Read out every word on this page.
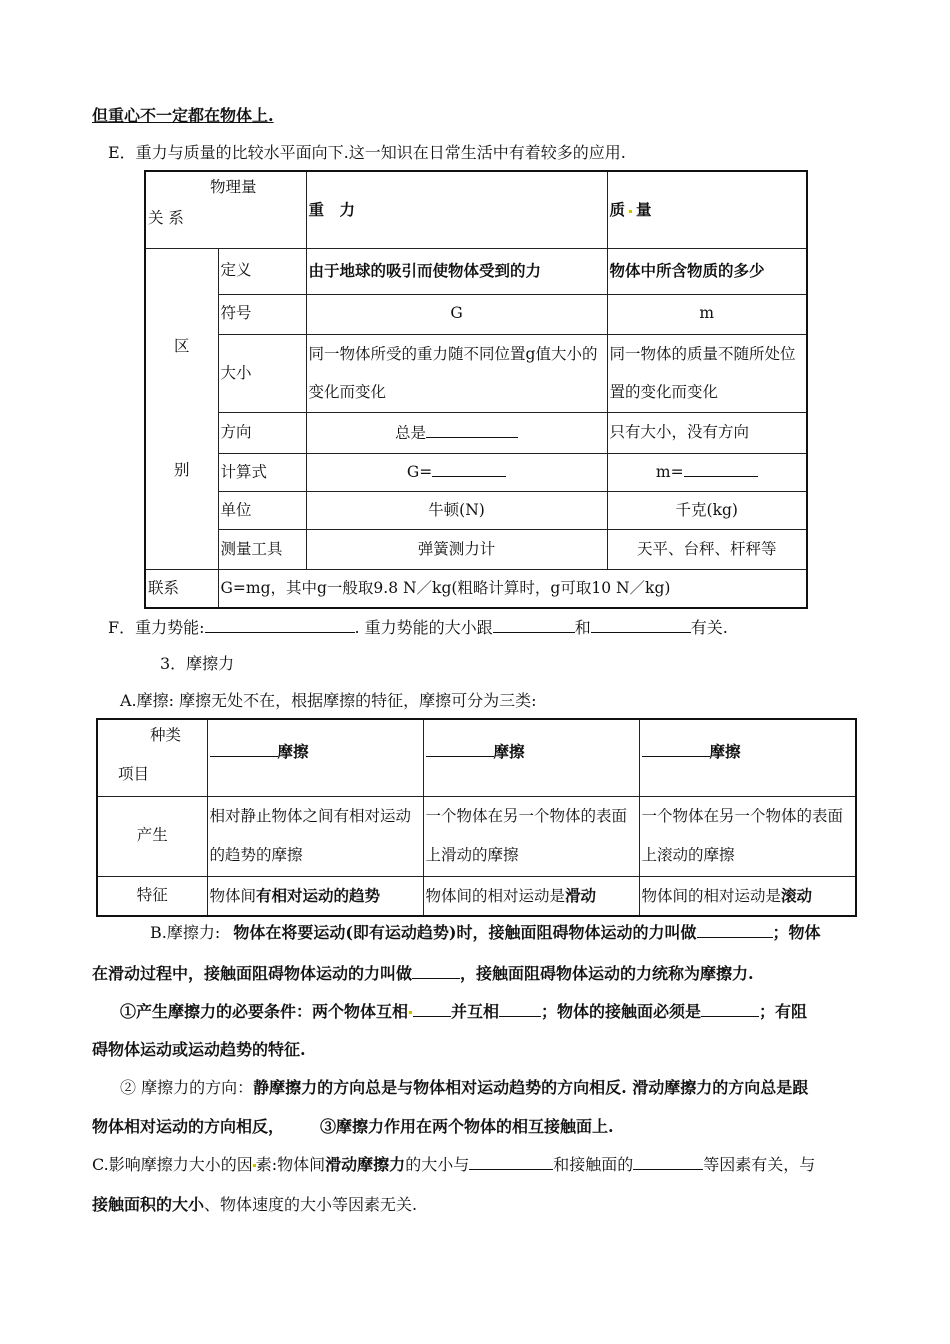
但重心不一定都在物体上.
E．重力与质量的比较水平面向下.这一知识在日常生活中有着较多的应用.
物理量
关 系		重　力	质 量

区
别	定义	由于地球的吸引而使物体受到的力	物体中所含物质的多少
	符号	G	m
	大小	同一物体所受的重力随不同位置g值大小的变化而变化	同一物体的质量不随所处位置的变化而变化
	方向	总是	只有大小，没有方向
	计算式	G=	m=
	单位	牛顿(N)	千克(kg)
	测量工具	弹簧测力计	天平、台秤、杆秤等
联系	G=mg，其中g一般取9.8 N／kg(粗略计算时，g可取10 N／kg)		
F．重力势能:	. 重力势能的大小跟	和	有关.
3．摩擦力
A.摩擦: 摩擦无处不在，根据摩擦的特征，摩擦可分为三类:
种类
项目	摩擦	摩擦	摩擦
产生	相对静止物体之间有相对运动的趋势的摩擦	一个物体在另一个物体的表面上滑动的摩擦	一个物体在另一个物体的表面上滚动的摩擦
特征	物体间有相对运动的趋势	物体间的相对运动是滑动	物体间的相对运动是滚动
B.摩擦力: 物体在将要运动(即有运动趋势)时，接触面阻碍物体运动的力叫做	；物体
在滑动过程中，接触面阻碍物体运动的力叫做	，接触面阻碍物体运动的力统称为摩擦力.
①产生摩擦力的必要条件：两个物体互相	并互相	；物体的接触面必须是	；有阻
碍物体运动或运动趋势的特征.
② 摩擦力的方向：静摩擦力的方向总是与物体相对运动趋势的方向相反. 滑动摩擦力的方向总是跟
物体相对运动的方向相反， ③摩擦力作用在两个物体的相互接触面上.
C.影响摩擦力大小的因 素:物体间滑动摩擦力的大小与	和接触面的	等因素有关，与
接触面积的大小、物体速度的大小等因素无关.
